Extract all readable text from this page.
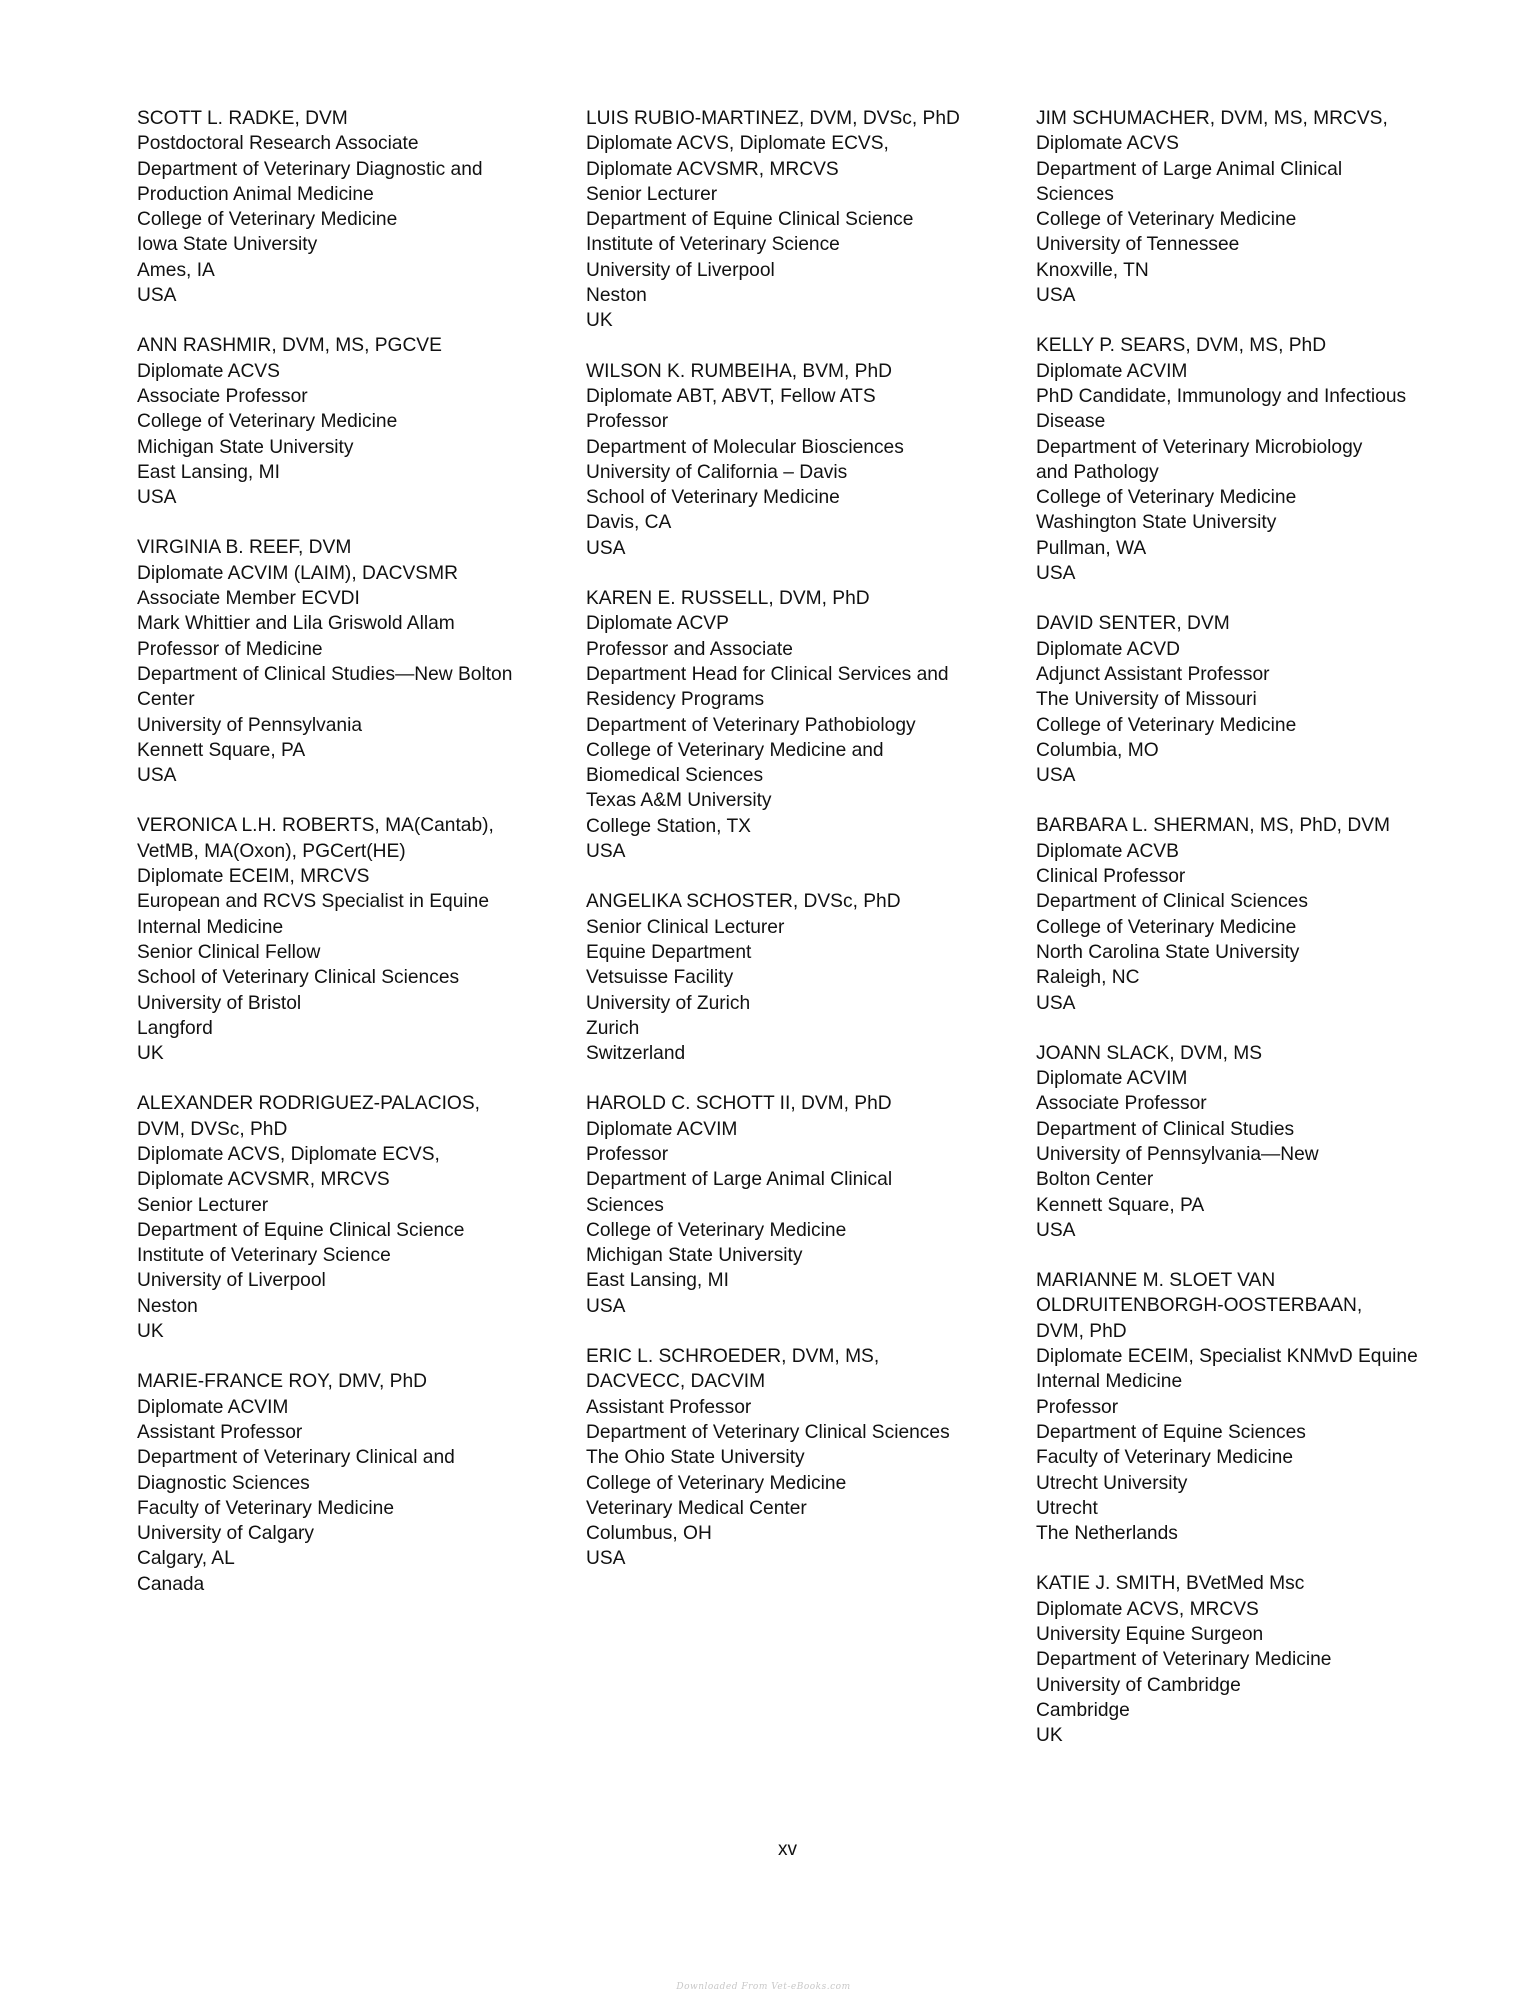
SCOTT L. RADKE, DVM
Postdoctoral Research Associate
Department of Veterinary Diagnostic and
Production Animal Medicine
College of Veterinary Medicine
Iowa State University
Ames, IA
USA
ANN RASHMIR, DVM, MS, PGCVE
Diplomate ACVS
Associate Professor
College of Veterinary Medicine
Michigan State University
East Lansing, MI
USA
VIRGINIA B. REEF, DVM
Diplomate ACVIM (LAIM), DACVSMR
Associate Member ECVDI
Mark Whittier and Lila Griswold Allam
Professor of Medicine
Department of Clinical Studies—New Bolton
Center
University of Pennsylvania
Kennett Square, PA
USA
VERONICA L.H. ROBERTS, MA(Cantab),
VetMB, MA(Oxon), PGCert(HE)
Diplomate ECEIM, MRCVS
European and RCVS Specialist in Equine
Internal Medicine
Senior Clinical Fellow
School of Veterinary Clinical Sciences
University of Bristol
Langford
UK
ALEXANDER RODRIGUEZ-PALACIOS,
DVM, DVSc, PhD
Diplomate ACVS, Diplomate ECVS,
Diplomate ACVSMR, MRCVS
Senior Lecturer
Department of Equine Clinical Science
Institute of Veterinary Science
University of Liverpool
Neston
UK
MARIE-FRANCE ROY, DMV, PhD
Diplomate ACVIM
Assistant Professor
Department of Veterinary Clinical and
Diagnostic Sciences
Faculty of Veterinary Medicine
University of Calgary
Calgary, AL
Canada
LUIS RUBIO-MARTINEZ, DVM, DVSc, PhD
Diplomate ACVS, Diplomate ECVS,
Diplomate ACVSMR, MRCVS
Senior Lecturer
Department of Equine Clinical Science
Institute of Veterinary Science
University of Liverpool
Neston
UK
WILSON K. RUMBEIHA, BVM, PhD
Diplomate ABT, ABVT, Fellow ATS
Professor
Department of Molecular Biosciences
University of California – Davis
School of Veterinary Medicine
Davis, CA
USA
KAREN E. RUSSELL, DVM, PhD
Diplomate ACVP
Professor and Associate
Department Head for Clinical Services and
Residency Programs
Department of Veterinary Pathobiology
College of Veterinary Medicine and
Biomedical Sciences
Texas A&M University
College Station, TX
USA
ANGELIKA SCHOSTER, DVSc, PhD
Senior Clinical Lecturer
Equine Department
Vetsuisse Facility
University of Zurich
Zurich
Switzerland
HAROLD C. SCHOTT II, DVM, PhD
Diplomate ACVIM
Professor
Department of Large Animal Clinical
Sciences
College of Veterinary Medicine
Michigan State University
East Lansing, MI
USA
ERIC L. SCHROEDER, DVM, MS,
DACVECC, DACVIM
Assistant Professor
Department of Veterinary Clinical Sciences
The Ohio State University
College of Veterinary Medicine
Veterinary Medical Center
Columbus, OH
USA
JIM SCHUMACHER, DVM, MS, MRCVS,
Diplomate ACVS
Department of Large Animal Clinical
Sciences
College of Veterinary Medicine
University of Tennessee
Knoxville, TN
USA
KELLY P. SEARS, DVM, MS, PhD
Diplomate ACVIM
PhD Candidate, Immunology and Infectious
Disease
Department of Veterinary Microbiology
and Pathology
College of Veterinary Medicine
Washington State University
Pullman, WA
USA
DAVID SENTER, DVM
Diplomate ACVD
Adjunct Assistant Professor
The University of Missouri
College of Veterinary Medicine
Columbia, MO
USA
BARBARA L. SHERMAN, MS, PhD, DVM
Diplomate ACVB
Clinical Professor
Department of Clinical Sciences
College of Veterinary Medicine
North Carolina State University
Raleigh, NC
USA
JOANN SLACK, DVM, MS
Diplomate ACVIM
Associate Professor
Department of Clinical Studies
University of Pennsylvania—New
Bolton Center
Kennett Square, PA
USA
MARIANNE M. SLOET VAN
OLDRUITENBORGH-OOSTERBAAN,
DVM, PhD
Diplomate ECEIM, Specialist KNMvD Equine
Internal Medicine
Professor
Department of Equine Sciences
Faculty of Veterinary Medicine
Utrecht University
Utrecht
The Netherlands
KATIE J. SMITH, BVetMed Msc
Diplomate ACVS, MRCVS
University Equine Surgeon
Department of Veterinary Medicine
University of Cambridge
Cambridge
UK
xv
Downloaded From Vet-eBooks.com
